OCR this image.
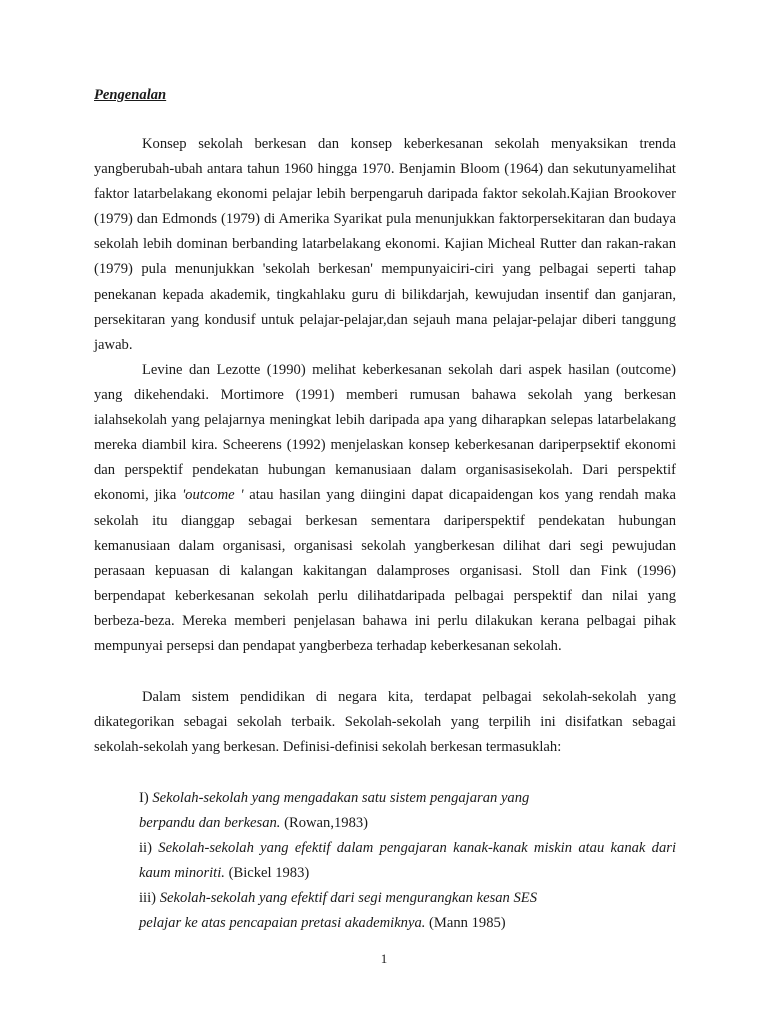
Pengenalan

Konsep sekolah berkesan dan konsep keberkesanan sekolah menyaksikan trenda yangberubah-ubah antara tahun 1960 hingga 1970. Benjamin Bloom (1964) dan sekutunyamelihat faktor latarbelakang ekonomi pelajar lebih berpengaruh daripada faktor sekolah.Kajian Brookover (1979) dan Edmonds (1979) di Amerika Syarikat pula menunjukkan faktorpersekitaran dan budaya sekolah lebih dominan berbanding latarbelakang ekonomi. Kajian Micheal Rutter dan rakan-rakan (1979) pula menunjukkan 'sekolah berkesan' mempunyaiciri-ciri yang pelbagai seperti tahap penekanan kepada akademik, tingkahlaku guru di bilikdarjah, kewujudan insentif dan ganjaran, persekitaran yang kondusif untuk pelajar-pelajar,dan sejauh mana pelajar-pelajar diberi tanggung jawab.

Levine dan Lezotte (1990) melihat keberkesanan sekolah dari aspek hasilan (outcome) yang dikehendaki. Mortimore (1991) memberi rumusan bahawa sekolah yang berkesan ialahsekolah yang pelajarnya meningkat lebih daripada apa yang diharapkan selepas latarbelakang mereka diambil kira. Scheerens (1992) menjelaskan konsep keberkesanan dariperpsektif ekonomi dan perspektif pendekatan hubungan kemanusiaan dalam organisasisekolah. Dari perspektif ekonomi, jika 'outcome ' atau hasilan yang diingini dapat dicapaidengan kos yang rendah maka sekolah itu dianggap sebagai berkesan sementara dariperspektif pendekatan hubungan kemanusiaan dalam organisasi, organisasi sekolah yangberkesan dilihat dari segi pewujudan perasaan kepuasan di kalangan kakitangan dalamproses organisasi. Stoll dan Fink (1996) berpendapat keberkesanan sekolah perlu dilihatdaripada pelbagai perspektif dan nilai yang berbeza-beza. Mereka memberi penjelasan bahawa ini perlu dilakukan kerana pelbagai pihak mempunyai persepsi dan pendapat yangberbeza terhadap keberkesanan sekolah.

Dalam sistem pendidikan di negara kita, terdapat pelbagai sekolah-sekolah yang dikategorikan sebagai sekolah terbaik. Sekolah-sekolah yang terpilih ini disifatkan sebagai sekolah-sekolah yang berkesan. Definisi-definisi sekolah berkesan termasuklah:

I) Sekolah-sekolah yang mengadakan satu sistem pengajaran yang

berpandu dan berkesan. (Rowan,1983)

ii) Sekolah-sekolah yang efektif dalam pengajaran kanak-kanak miskin atau kanak dari kaum minoriti. (Bickel 1983)

iii) Sekolah-sekolah yang efektif dari segi mengurangkan kesan SES

pelajar ke atas pencapaian pretasi akademiknya. (Mann 1985)

1
